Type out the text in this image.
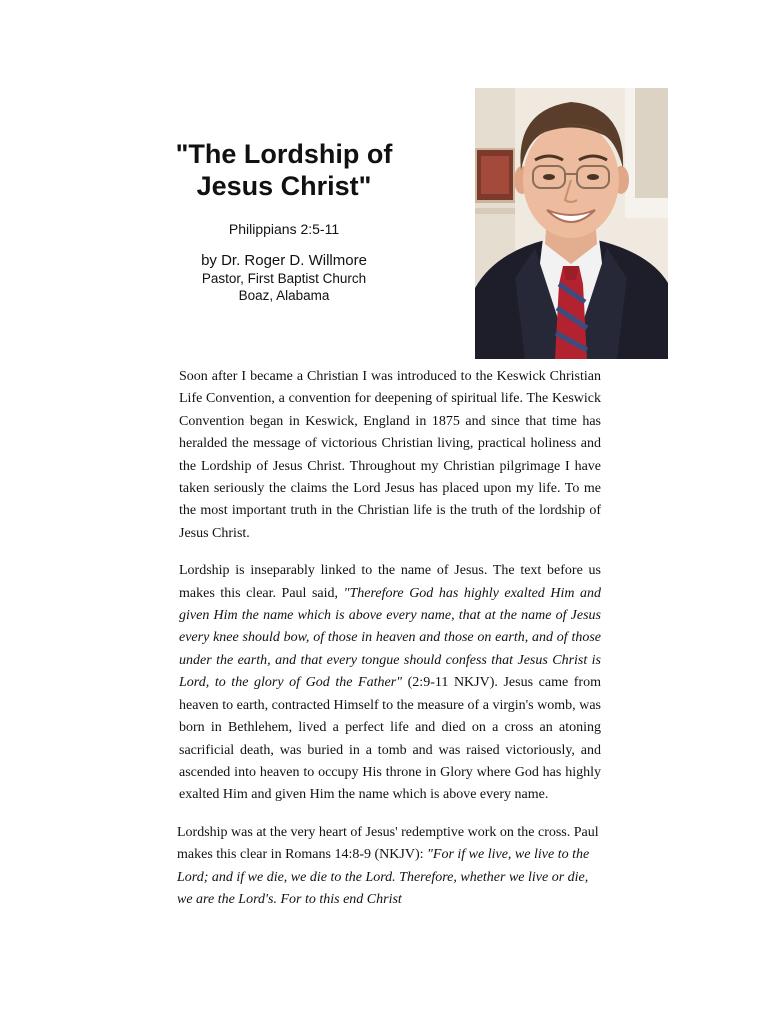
"The Lordship of
Jesus Christ"
Philippians 2:5-11
by Dr. Roger D. Willmore
Pastor, First Baptist Church
Boaz, Alabama

Soon after I became a Christian I was introduced to the Keswick Christian Life Convention, a convention for deepening of spiritual life. The Keswick Convention began in Keswick, England in 1875 and since that time has heralded the message of victorious Christian living, practical holiness and the Lordship of Jesus Christ. Throughout my Christian pilgrimage I have taken seriously the claims the Lord Jesus has placed upon my life. To me the most important truth in the Christian life is the truth of the lordship of Jesus Christ.

Lordship is inseparably linked to the name of Jesus. The text before us makes this clear. Paul said, "Therefore God has highly exalted Him and given Him the name which is above every name, that at the name of Jesus every knee should bow, of those in heaven and those on earth, and of those under the earth, and that every tongue should confess that Jesus Christ is Lord, to the glory of God the Father" (2:9-11 NKJV). Jesus came from heaven to earth, contracted Himself to the measure of a virgin's womb, was born in Bethlehem, lived a perfect life and died on a cross an atoning sacrificial death, was buried in a tomb and was raised victoriously, and ascended into heaven to occupy His throne in Glory where God has highly exalted Him and given Him the name which is above every name.

Lordship was at the very heart of Jesus' redemptive work on the cross. Paul makes this clear in Romans 14:8-9 (NKJV): "For if we live, we live to the Lord; and if we die, we die to the Lord. Therefore, whether we live or die, we are the Lord's. For to this end Christ
